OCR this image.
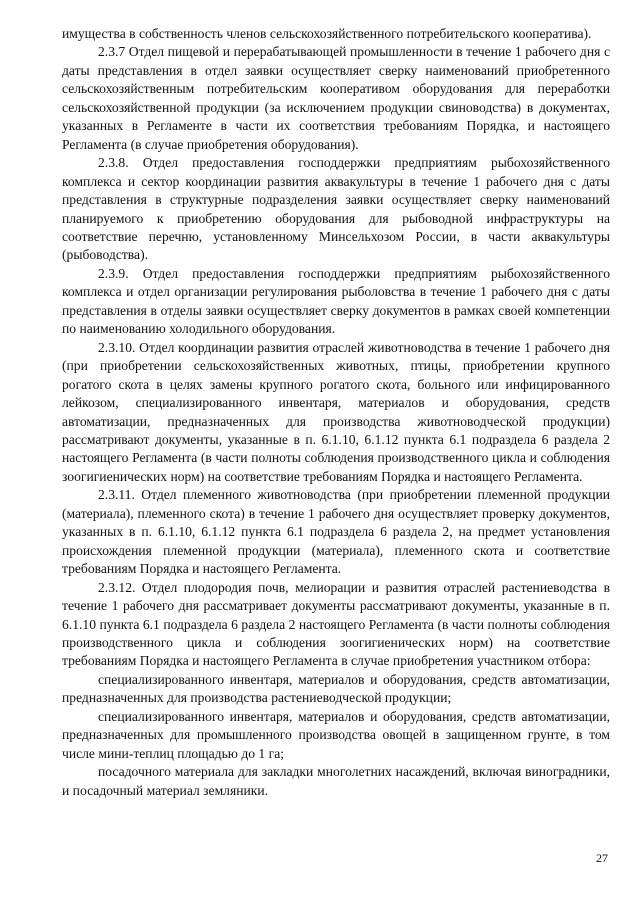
имущества в собственность членов сельскохозяйственного потребительского кооператива).

2.3.7 Отдел пищевой и перерабатывающей промышленности в течение 1 рабочего дня с даты представления в отдел заявки осуществляет сверку наименований приобретенного сельскохозяйственным потребительским кооперативом оборудования для переработки сельскохозяйственной продукции (за исключением продукции свиноводства) в документах, указанных в Регламенте в части их соответствия требованиям Порядка, и настоящего Регламента (в случае приобретения оборудования).

2.3.8. Отдел предоставления господдержки предприятиям рыбохозяйственного комплекса и сектор координации развития аквакультуры в течение 1 рабочего дня с даты представления в структурные подразделения заявки осуществляет сверку наименований планируемого к приобретению оборудования для рыбоводной инфраструктуры на соответствие перечню, установленному Минсельхозом России, в части аквакультуры (рыбоводства).

2.3.9. Отдел предоставления господдержки предприятиям рыбохозяйственного комплекса и отдел организации регулирования рыболовства в течение 1 рабочего дня с даты представления в отделы заявки осуществляет сверку документов в рамках своей компетенции по наименованию холодильного оборудования.

2.3.10. Отдел координации развития отраслей животноводства в течение 1 рабочего дня (при приобретении сельскохозяйственных животных, птицы, приобретении крупного рогатого скота в целях замены крупного рогатого скота, больного или инфицированного лейкозом, специализированного инвентаря, материалов и оборудования, средств автоматизации, предназначенных для производства животноводческой продукции) рассматривают документы, указанные в п. 6.1.10, 6.1.12 пункта 6.1 подраздела 6 раздела 2 настоящего Регламента (в части полноты соблюдения производственного цикла и соблюдения зоогигиенических норм) на соответствие требованиям Порядка и настоящего Регламента.

2.3.11. Отдел племенного животноводства (при приобретении племенной продукции (материала), племенного скота) в течение 1 рабочего дня осуществляет проверку документов, указанных в п. 6.1.10, 6.1.12 пункта 6.1 подраздела 6 раздела 2, на предмет установления происхождения племенной продукции (материала), племенного скота и соответствие требованиям Порядка и настоящего Регламента.

2.3.12. Отдел плодородия почв, мелиорации и развития отраслей растениеводства в течение 1 рабочего дня рассматривает документы рассматривают документы, указанные в п. 6.1.10 пункта 6.1 подраздела 6 раздела 2 настоящего Регламента (в части полноты соблюдения производственного цикла и соблюдения зоогигиенических норм) на соответствие требованиям Порядка и настоящего Регламента в случае приобретения участником отбора:

специализированного инвентаря, материалов и оборудования, средств автоматизации, предназначенных для производства растениеводческой продукции;

специализированного инвентаря, материалов и оборудования, средств автоматизации, предназначенных для промышленного производства овощей в защищенном грунте, в том числе мини-теплиц площадью до 1 га;

посадочного материала для закладки многолетних насаждений, включая виноградники, и посадочный материал земляники.

27
